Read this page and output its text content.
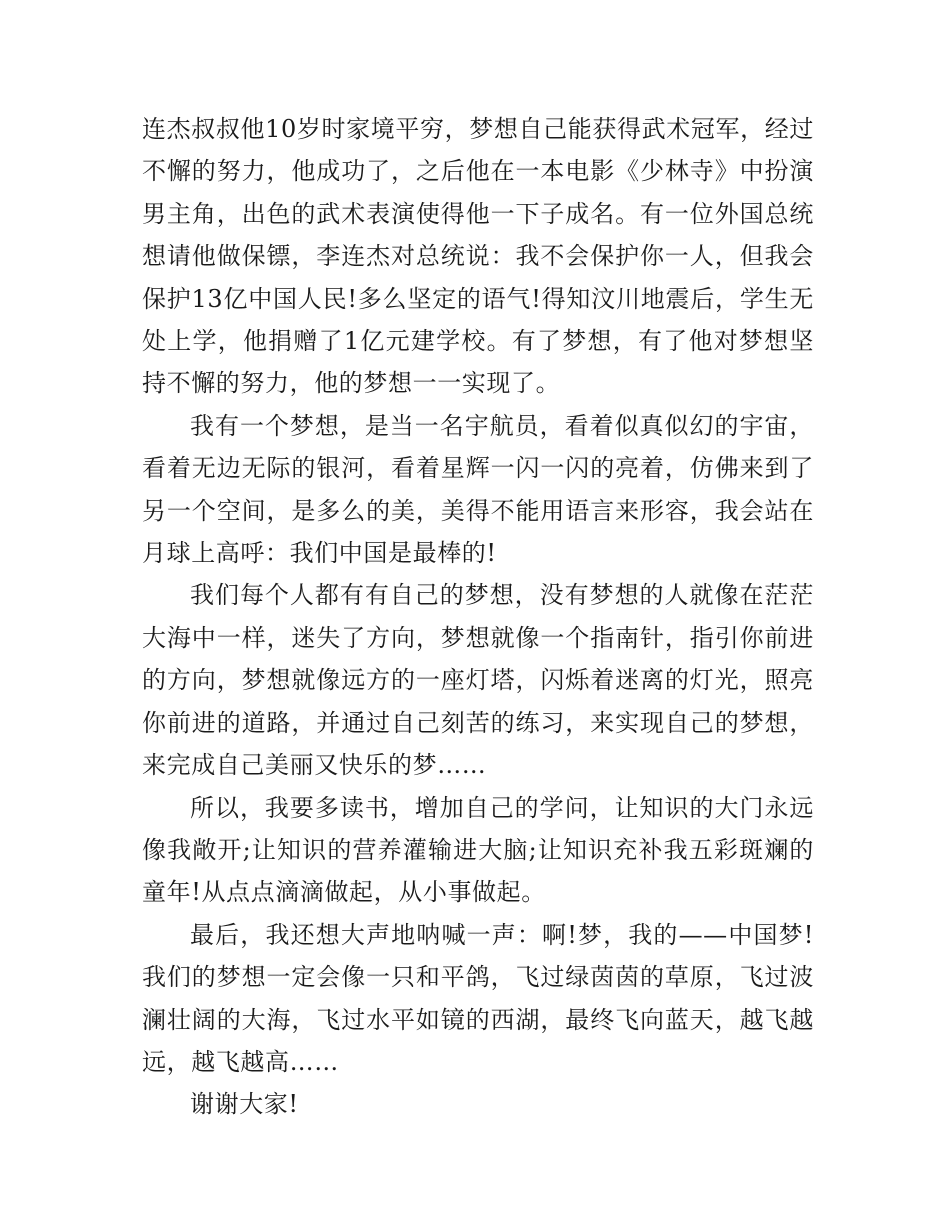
连杰叔叔他10岁时家境平穷，梦想自己能获得武术冠军，经过不懈的努力，他成功了，之后他在一本电影《少林寺》中扮演男主角，出色的武术表演使得他一下子成名。有一位外国总统想请他做保镖，李连杰对总统说：我不会保护你一人，但我会保护13亿中国人民!多么坚定的语气!得知汶川地震后，学生无处上学，他捐赠了1亿元建学校。有了梦想，有了他对梦想坚持不懈的努力，他的梦想一一实现了。

我有一个梦想，是当一名宇航员，看着似真似幻的宇宙，看着无边无际的银河，看着星辉一闪一闪的亮着，仿佛来到了另一个空间，是多么的美，美得不能用语言来形容，我会站在月球上高呼：我们中国是最棒的!

我们每个人都有有自己的梦想，没有梦想的人就像在茫茫大海中一样，迷失了方向，梦想就像一个指南针，指引你前进的方向，梦想就像远方的一座灯塔，闪烁着迷离的灯光，照亮你前进的道路，并通过自己刻苦的练习，来实现自己的梦想，来完成自己美丽又快乐的梦……

所以，我要多读书，增加自己的学问，让知识的大门永远像我敞开;让知识的营养灌输进大脑;让知识充补我五彩斑斓的童年!从点点滴滴做起，从小事做起。

最后，我还想大声地呐喊一声：啊!梦，我的——中国梦!我们的梦想一定会像一只和平鸽，飞过绿茵茵的草原，飞过波澜壮阔的大海，飞过水平如镜的西湖，最终飞向蓝天，越飞越远，越飞越高……

谢谢大家!
